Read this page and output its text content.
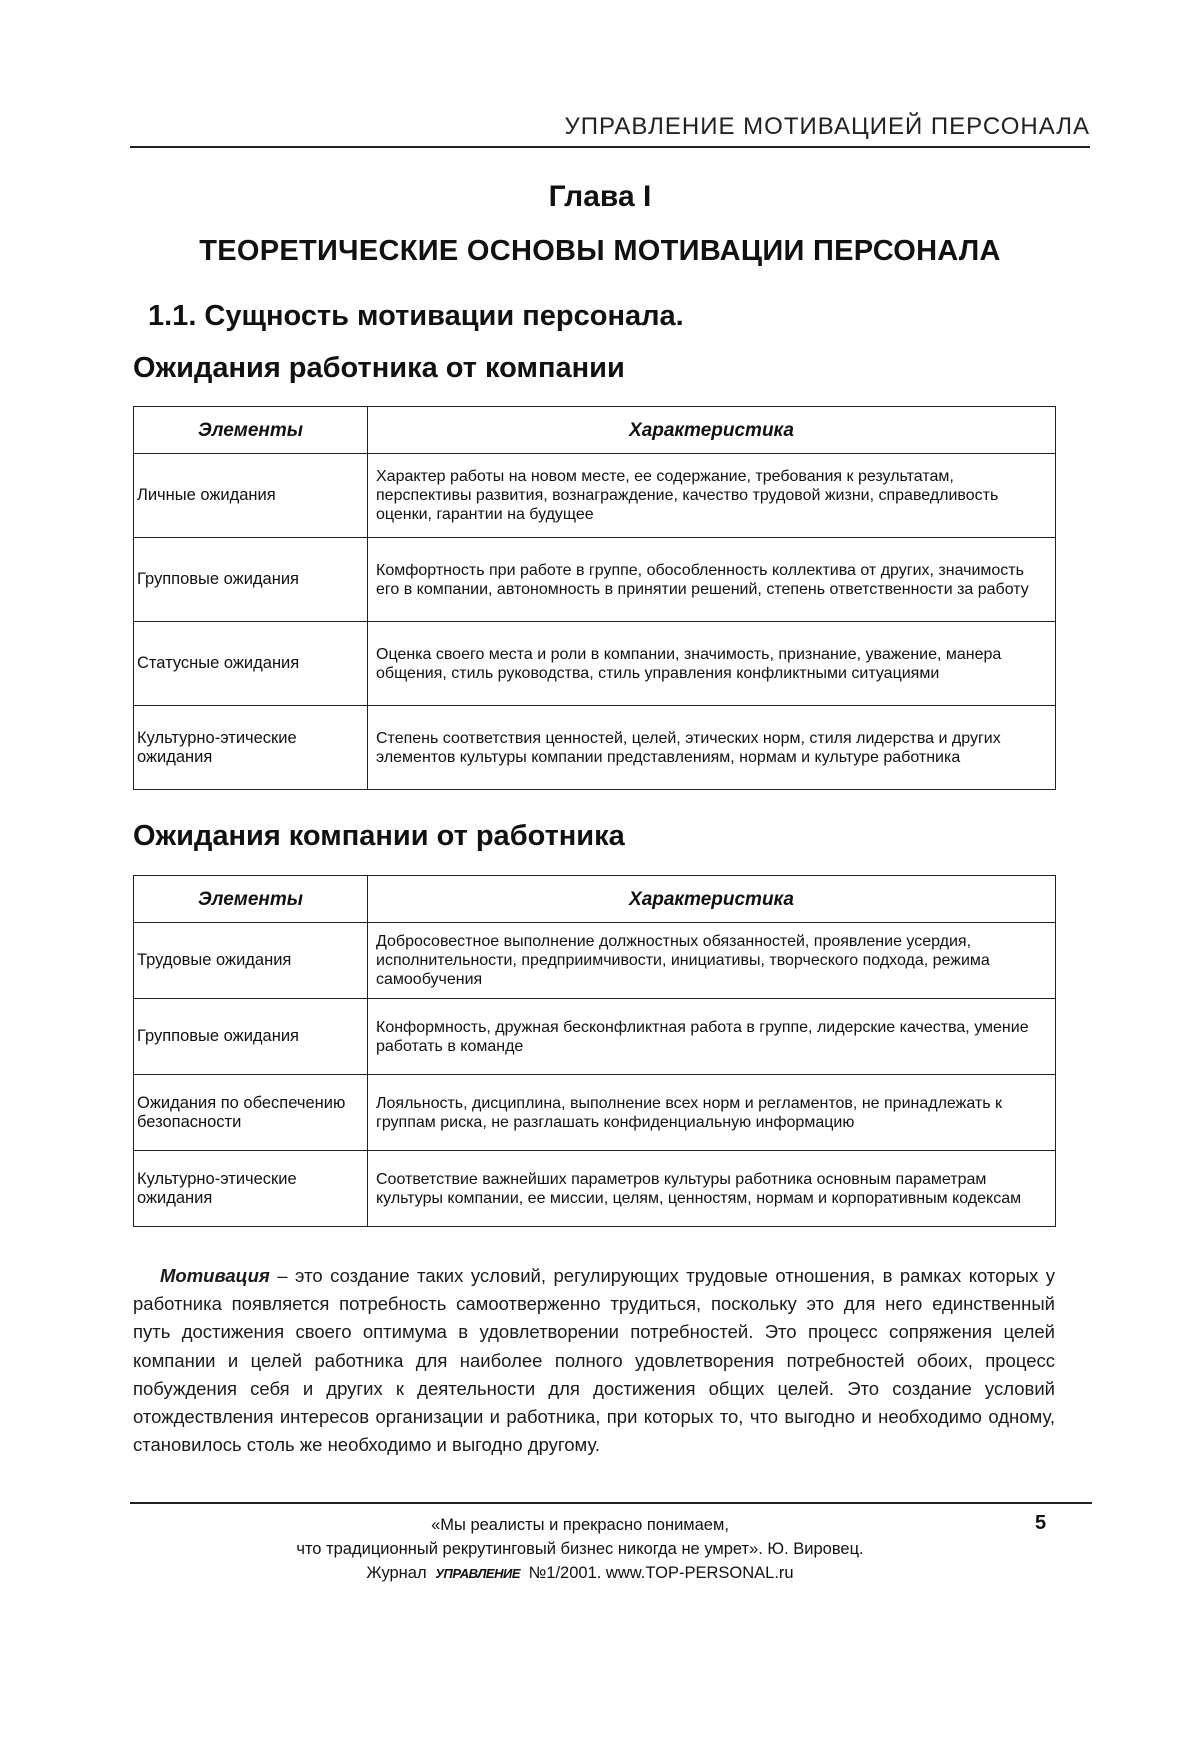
УПРАВЛЕНИЕ МОТИВАЦИЕЙ ПЕРСОНАЛА
Глава I
ТЕОРЕТИЧЕСКИЕ ОСНОВЫ МОТИВАЦИИ ПЕРСОНАЛА
1.1. Сущность мотивации персонала.
Ожидания работника от компании
Элементы	Характеристика
Личные ожидания	Характер работы на новом месте, ее содержание, требования к результатам, перспективы развития, вознаграждение, качество трудовой жизни, справедливость оценки, гарантии на будущее
Групповые ожидания	Комфортность при работе в группе, обособленность коллектива от других, значимость его в компании, автономность в принятии решений, степень ответственности за работу
Статусные ожидания	Оценка своего места и роли в компании, значимость, признание, уважение, манера общения, стиль руководства, стиль управления конфликтными ситуациями
Культурно-этические ожидания	Степень соответствия ценностей, целей, этических норм, стиля лидерства и других элементов культуры компании представлениям, нормам и культуре работника
Ожидания компании от работника
Элементы	Характеристика
Трудовые ожидания	Добросовестное выполнение должностных обязанностей, проявление усердия, исполнительности, предприимчивости, инициативы, творческого подхода, режима самообучения
Групповые ожидания	Конформность, дружная бесконфликтная работа в группе, лидерские качества, умение работать в команде
Ожидания по обеспечению безопасности	Лояльность, дисциплина, выполнение всех норм и регламентов, не принадлежать к группам риска, не разглашать конфиденциальную информацию
Культурно-этические ожидания	Соответствие важнейших параметров культуры работника основным параметрам культуры компании, ее миссии, целям, ценностям, нормам и корпоративным кодексам
Мотивация – это создание таких условий, регулирующих трудовые отношения, в рамках которых у работника появляется потребность самоотверженно трудиться, поскольку это для него единственный путь достижения своего оптимума в удовлетворении потребностей. Это процесс сопряжения целей компании и целей работника для наиболее полного удовлетворения потребностей обоих, процесс побуждения себя и других к деятельности для достижения общих целей. Это создание условий отождествления интересов организации и работника, при которых то, что выгодно и необходимо одному, становилось столь же необходимо и выгодно другому.
«Мы реалисты и прекрасно понимаем,
что традиционный рекрутинговый бизнес никогда не умрет». Ю. Вировец.
Журнал УПРАВЛЕНИЕ №1/2001. www.TOP-PERSONAL.ru
5
